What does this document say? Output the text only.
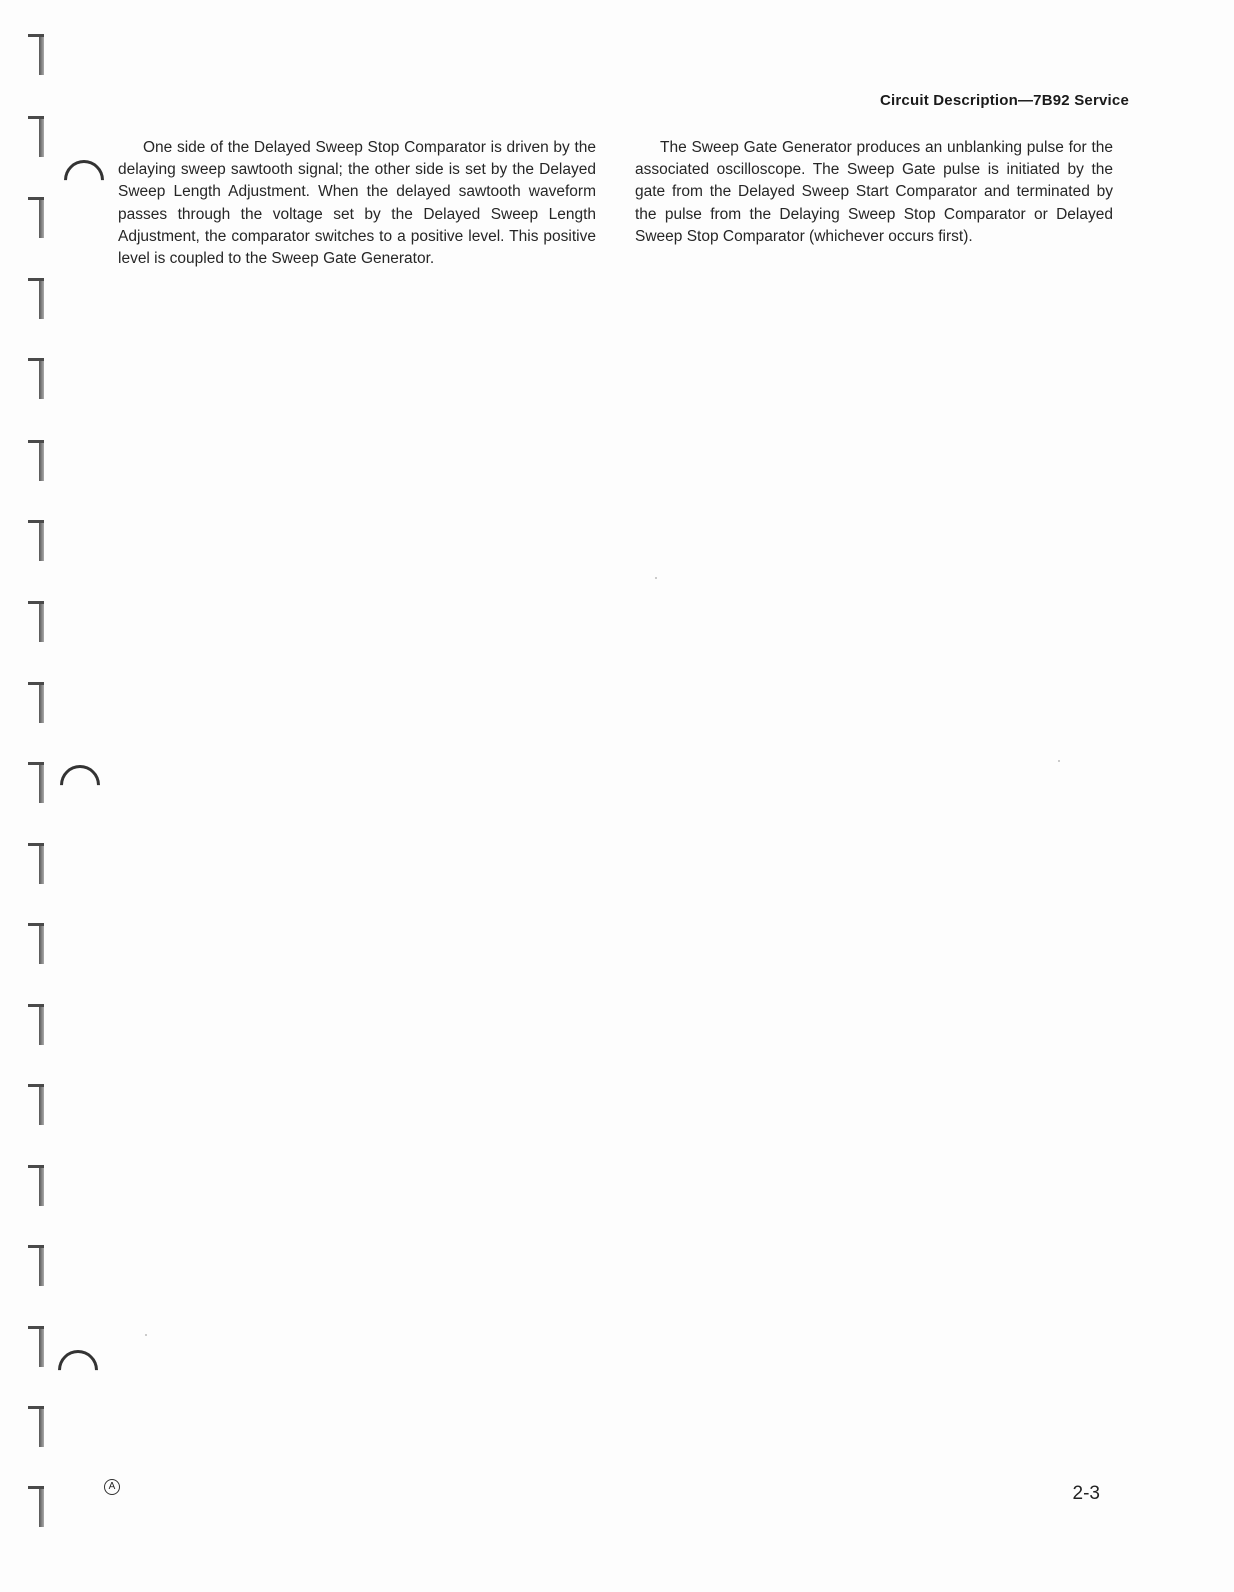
Circuit Description—7B92 Service

One side of the Delayed Sweep Stop Comparator is driven by the delaying sweep sawtooth signal; the other side is set by the Delayed Sweep Length Adjustment. When the delayed sawtooth waveform passes through the voltage set by the Delayed Sweep Length Adjustment, the comparator switches to a positive level. This positive level is coupled to the Sweep Gate Generator.

The Sweep Gate Generator produces an unblanking pulse for the associated oscilloscope. The Sweep Gate pulse is initiated by the gate from the Delayed Sweep Start Comparator and terminated by the pulse from the Delaying Sweep Stop Comparator or Delayed Sweep Stop Comparator (whichever occurs first).

A	2-3
